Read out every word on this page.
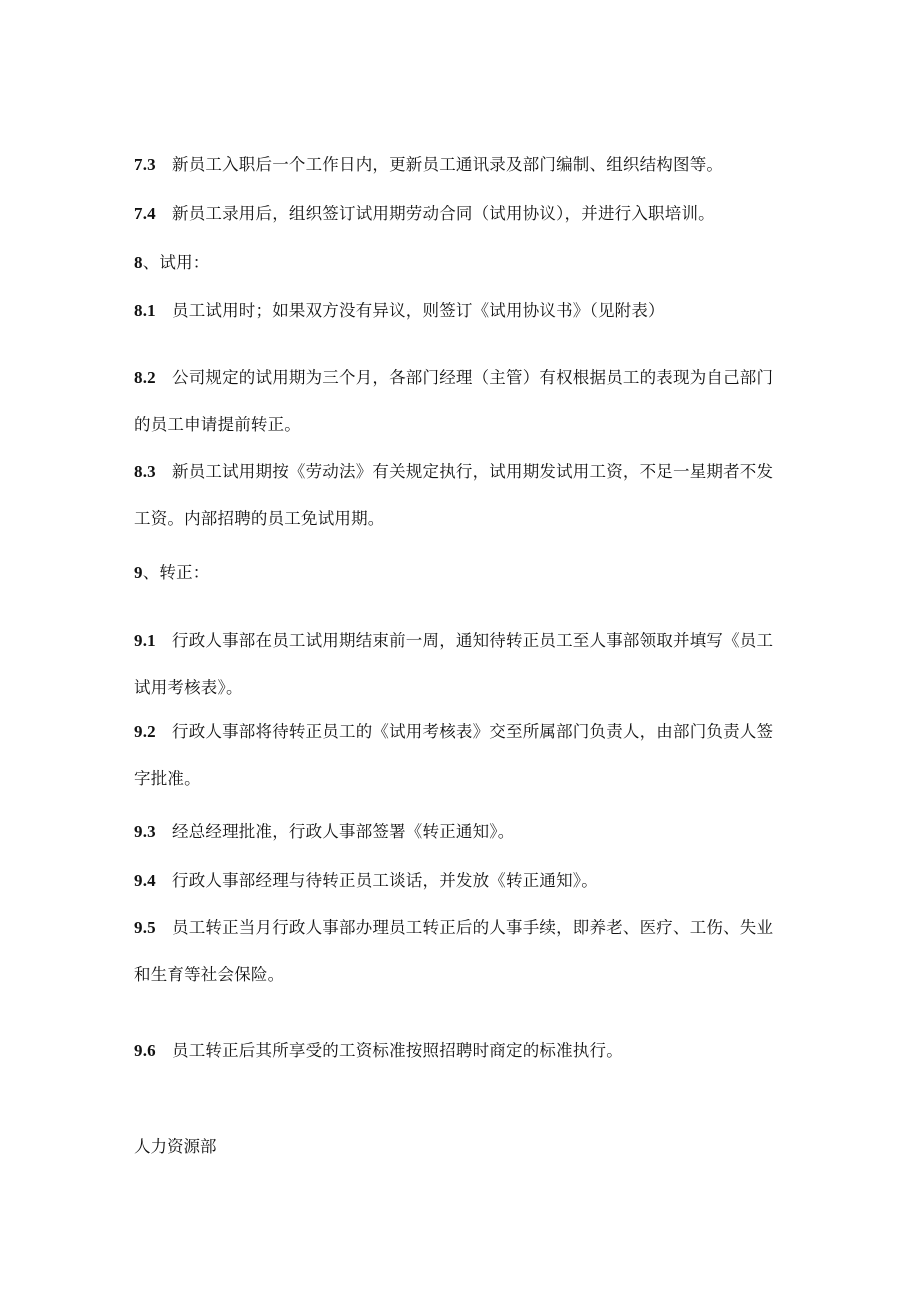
7.3 新员工入职后一个工作日内，更新员工通讯录及部门编制、组织结构图等。

7.4 新员工录用后，组织签订试用期劳动合同（试用协议），并进行入职培训。

8、试用：

8.1 员工试用时；如果双方没有异议，则签订《试用协议书》（见附表）

8.2 公司规定的试用期为三个月，各部门经理（主管）有权根据员工的表现为自己部门

的员工申请提前转正。

8.3 新员工试用期按《劳动法》有关规定执行，试用期发试用工资，不足一星期者不发

工资。内部招聘的员工免试用期。

9、转正：

9.1 行政人事部在员工试用期结束前一周，通知待转正员工至人事部领取并填写《员工

试用考核表》。

9.2 行政人事部将待转正员工的《试用考核表》交至所属部门负责人，由部门负责人签

字批准。

9.3 经总经理批准，行政人事部签署《转正通知》。

9.4 行政人事部经理与待转正员工谈话，并发放《转正通知》。

9.5 员工转正当月行政人事部办理员工转正后的人事手续，即养老、医疗、工伤、失业

和生育等社会保险。

9.6 员工转正后其所享受的工资标准按照招聘时商定的标准执行。

人力资源部
